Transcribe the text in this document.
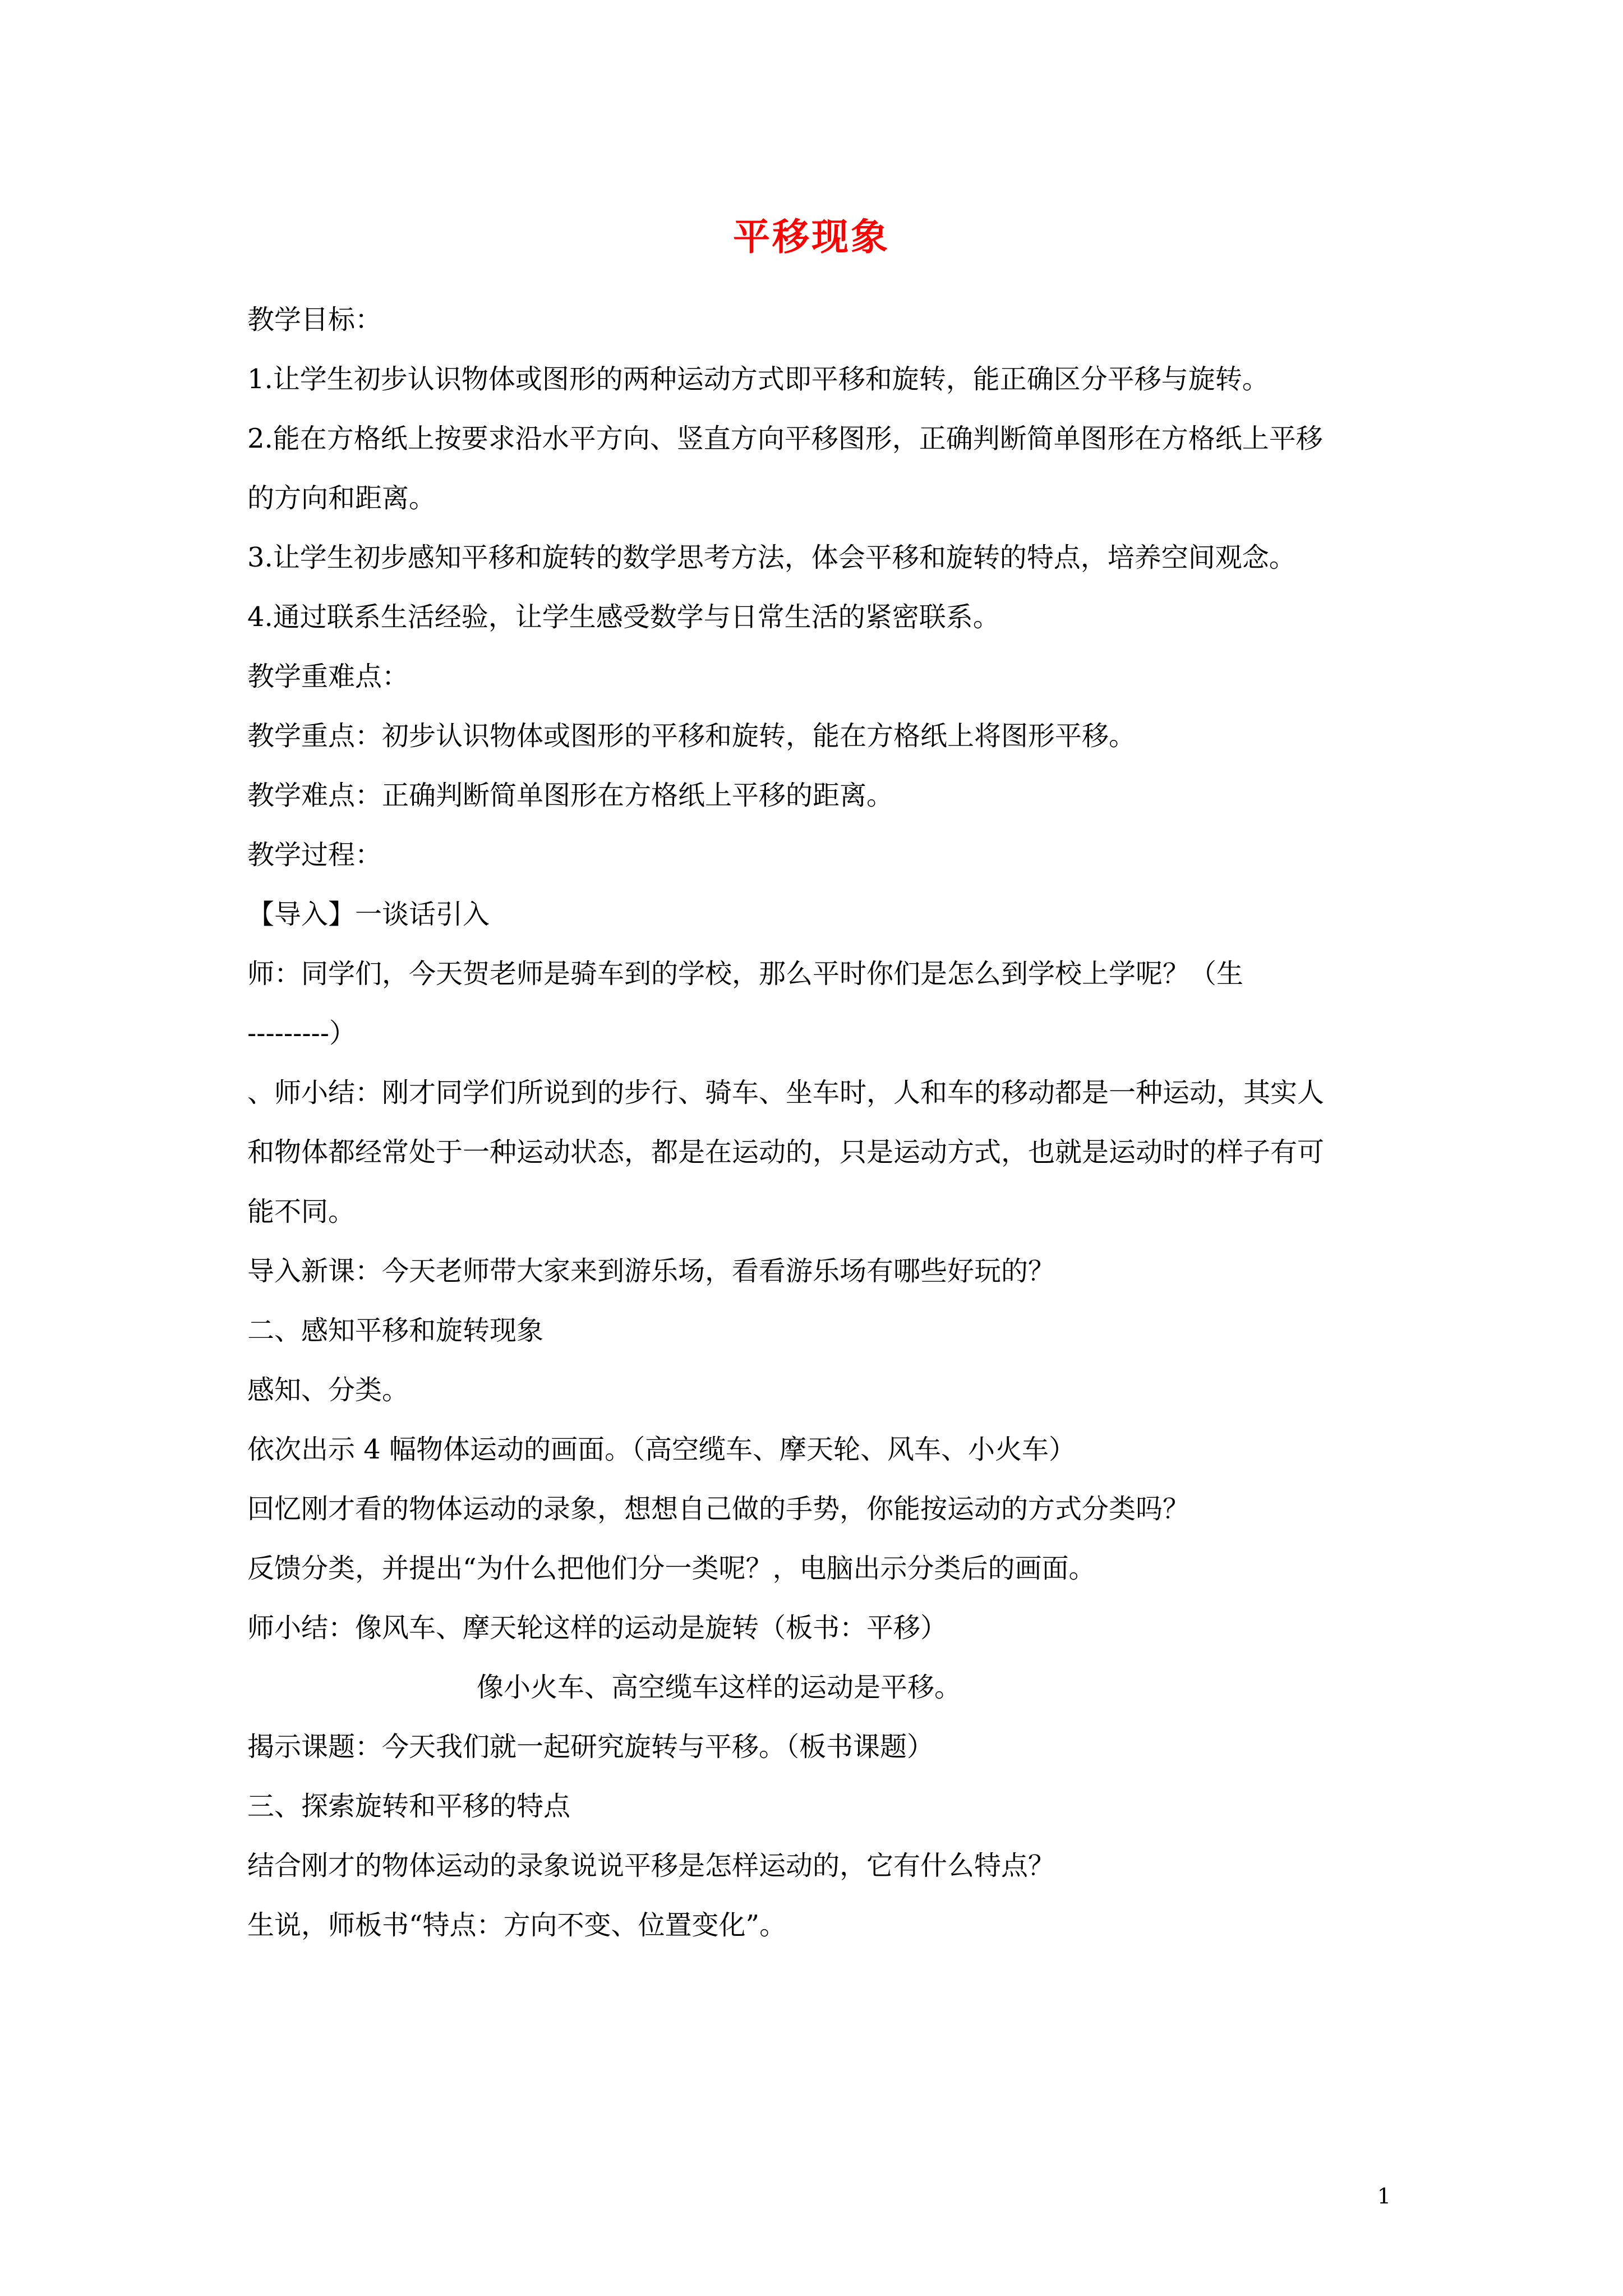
平移现象
教学目标：
1.让学生初步认识物体或图形的两种运动方式即平移和旋转，能正确区分平移与旋转。
2.能在方格纸上按要求沿水平方向、竖直方向平移图形，正确判断简单图形在方格纸上平移
的方向和距离。
3.让学生初步感知平移和旋转的数学思考方法，体会平移和旋转的特点，培养空间观念。
4.通过联系生活经验，让学生感受数学与日常生活的紧密联系。
教学重难点：
教学重点：初步认识物体或图形的平移和旋转，能在方格纸上将图形平移。
教学难点：正确判断简单图形在方格纸上平移的距离。
教学过程：
【导入】一谈话引入
师：同学们，今天贺老师是骑车到的学校，那么平时你们是怎么到学校上学呢？（生
---------）
、师小结：刚才同学们所说到的步行、骑车、坐车时，人和车的移动都是一种运动，其实人
和物体都经常处于一种运动状态，都是在运动的，只是运动方式，也就是运动时的样子有可
能不同。
导入新课：今天老师带大家来到游乐场，看看游乐场有哪些好玩的？
二、感知平移和旋转现象
感知、分类。
依次出示 4 幅物体运动的画面。（高空缆车、摩天轮、风车、小火车）
回忆刚才看的物体运动的录象，想想自己做的手势，你能按运动的方式分类吗？
反馈分类，并提出“为什么把他们分一类呢？，电脑出示分类后的画面。
师小结：像风车、摩天轮这样的运动是旋转（板书：平移）
像小火车、高空缆车这样的运动是平移。
揭示课题：今天我们就一起研究旋转与平移。（板书课题）
三、探索旋转和平移的特点
结合刚才的物体运动的录象说说平移是怎样运动的，它有什么特点？
生说，师板书“特点：方向不变、位置变化”。
1
